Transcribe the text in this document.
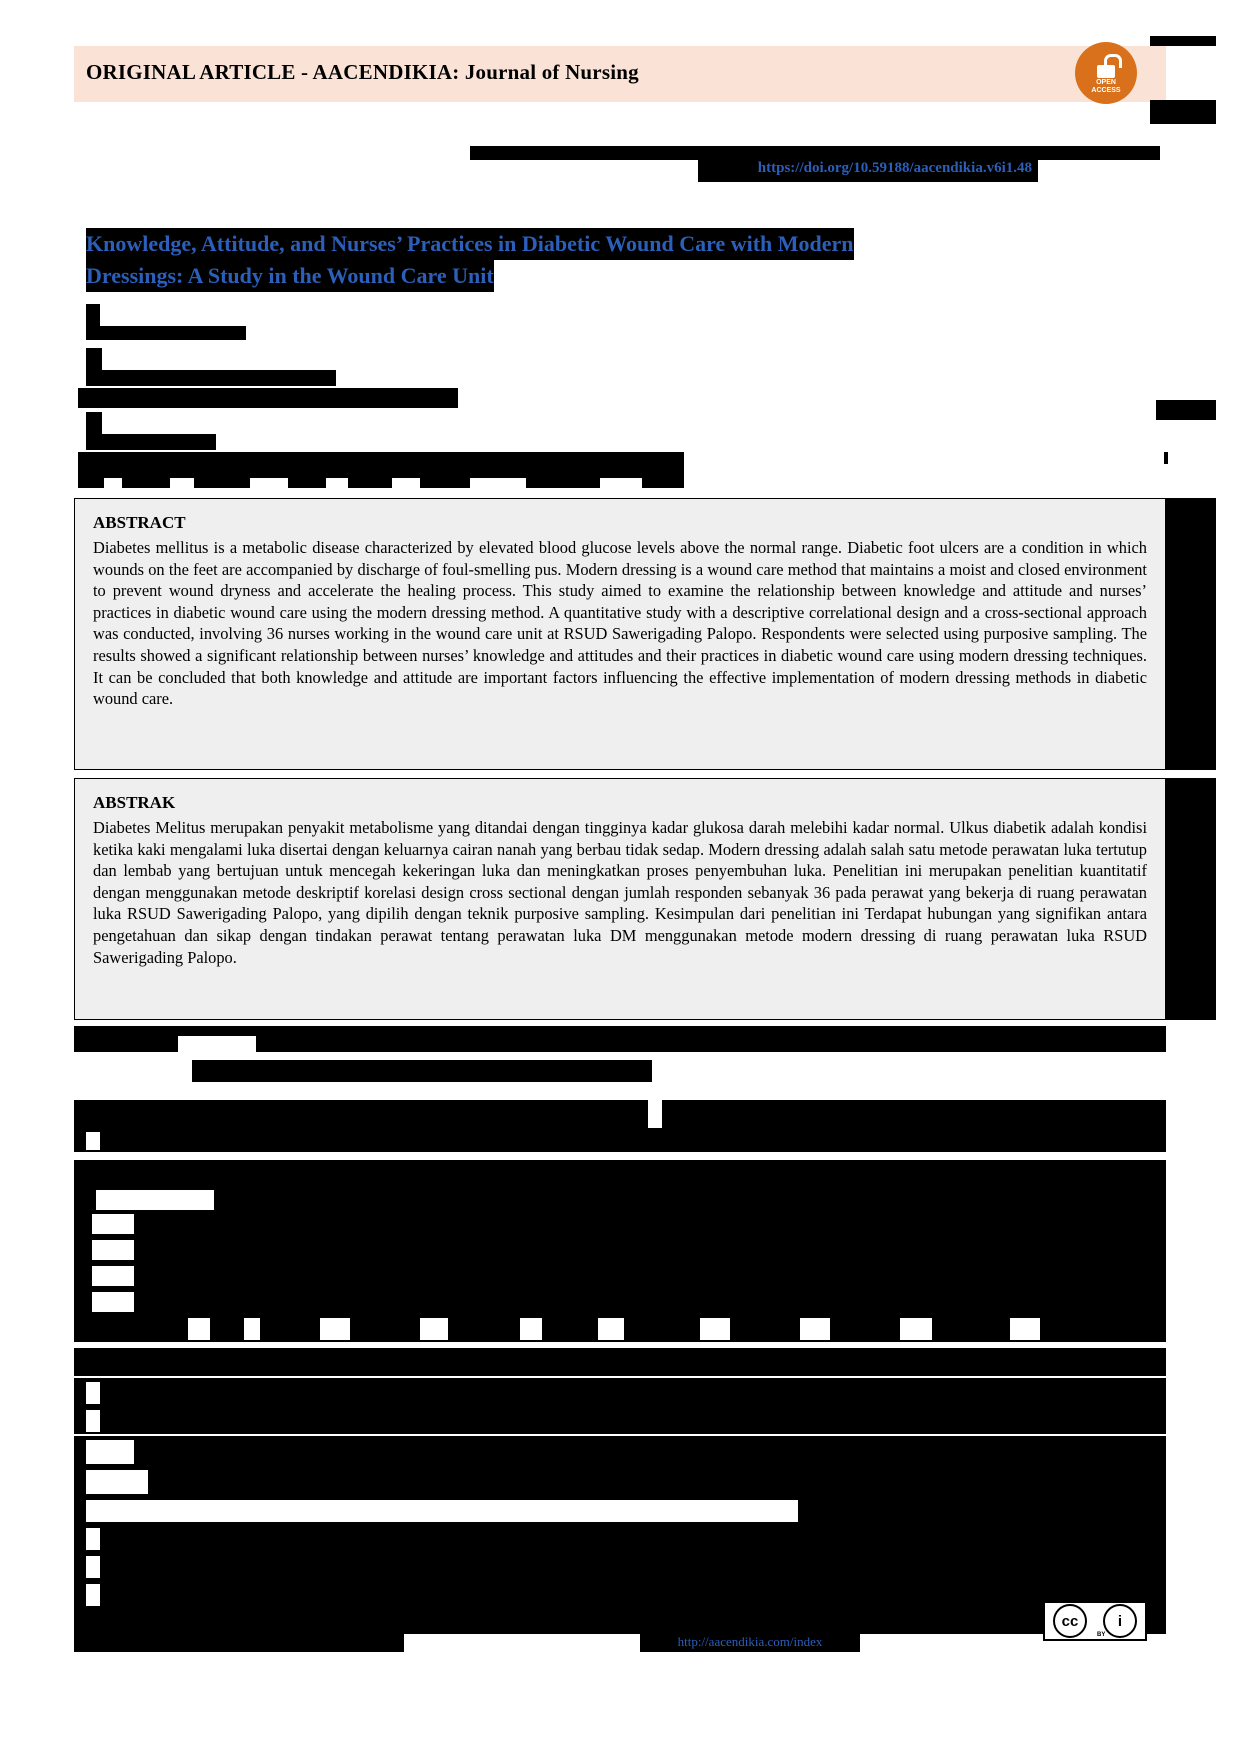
ORIGINAL ARTICLE - AACENDIKIA: Journal of Nursing	OPEN
ACCESS
https://doi.org/10.59188/aacendikia.v6i1.48
Knowledge, Attitude, and Nurses’ Practices in Diabetic Wound Care with Modern
Dressings: A Study in the Wound Care Unit
ABSTRACT
Diabetes mellitus is a metabolic disease characterized by elevated blood glucose levels above the normal range. Diabetic foot ulcers are a condition in which wounds on the feet are accompanied by discharge of foul-smelling pus. Modern dressing is a wound care method that maintains a moist and closed environment to prevent wound dryness and accelerate the healing process. This study aimed to examine the relationship between knowledge and attitude and nurses’ practices in diabetic wound care using the modern dressing method. A quantitative study with a descriptive correlational design and a cross-sectional approach was conducted, involving 36 nurses working in the wound care unit at RSUD Sawerigading Palopo. Respondents were selected using purposive sampling. The results showed a significant relationship between nurses’ knowledge and attitudes and their practices in diabetic wound care using modern dressing techniques. It can be concluded that both knowledge and attitude are important factors influencing the effective implementation of modern dressing methods in diabetic wound care.
ABSTRAK
Diabetes Melitus merupakan penyakit metabolisme yang ditandai dengan tingginya kadar glukosa darah melebihi kadar normal. Ulkus diabetik adalah kondisi ketika kaki mengalami luka disertai dengan keluarnya cairan nanah yang berbau tidak sedap. Modern dressing adalah salah satu metode perawatan luka tertutup dan lembab yang bertujuan untuk mencegah kekeringan luka dan meningkatkan proses penyembuhan luka. Penelitian ini merupakan penelitian kuantitatif dengan menggunakan metode deskriptif korelasi design cross sectional dengan jumlah responden sebanyak 36 pada perawat yang bekerja di ruang perawatan luka RSUD Sawerigading Palopo, yang dipilih dengan teknik purposive sampling. Kesimpulan dari penelitian ini Terdapat hubungan yang signifikan antara pengetahuan dan sikap dengan tindakan perawat tentang perawatan luka DM menggunakan metode modern dressing di ruang perawatan luka RSUD Sawerigading Palopo.
http://aacendikia.com/index
cc	i
BY
